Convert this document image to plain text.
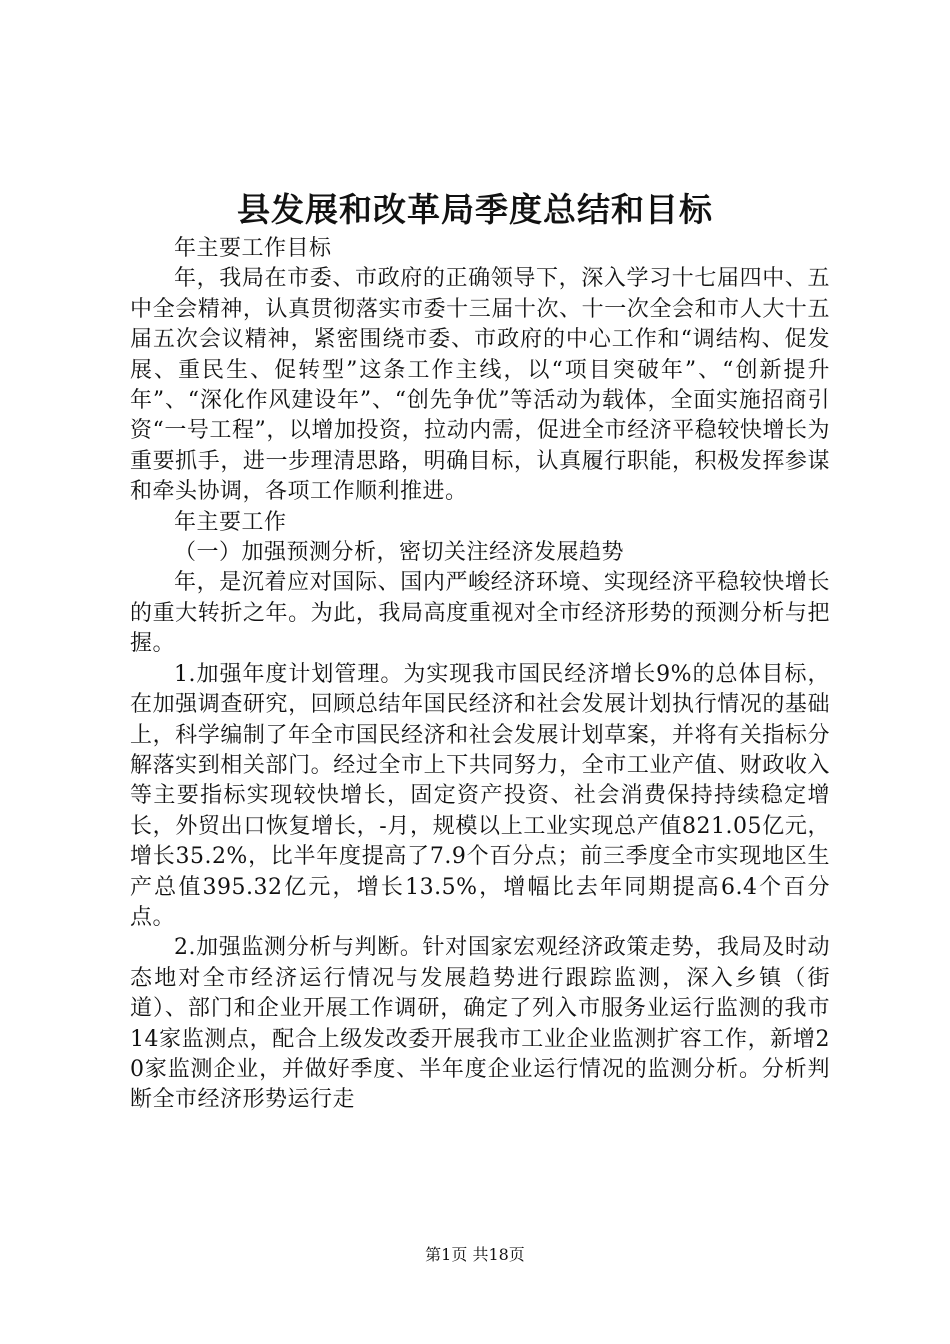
县发展和改革局季度总结和目标

年主要工作目标

年，我局在市委、市政府的正确领导下，深入学习十七届四中、五中全会精神，认真贯彻落实市委十三届十次、十一次全会和市人大十五届五次会议精神，紧密围绕市委、市政府的中心工作和“调结构、促发展、重民生、促转型”这条工作主线，以“项目突破年”、“创新提升年”、“深化作风建设年”、“创先争优”等活动为载体，全面实施招商引资“一号工程”，以增加投资，拉动内需，促进全市经济平稳较快增长为重要抓手，进一步理清思路，明确目标，认真履行职能，积极发挥参谋和牵头协调，各项工作顺利推进。

年主要工作

（一）加强预测分析，密切关注经济发展趋势

年，是沉着应对国际、国内严峻经济环境、实现经济平稳较快增长的重大转折之年。为此，我局高度重视对全市经济形势的预测分析与把握。

1.加强年度计划管理。为实现我市国民经济增长9%的总体目标，在加强调查研究，回顾总结年国民经济和社会发展计划执行情况的基础上，科学编制了年全市国民经济和社会发展计划草案，并将有关指标分解落实到相关部门。经过全市上下共同努力，全市工业产值、财政收入等主要指标实现较快增长，固定资产投资、社会消费保持持续稳定增长，外贸出口恢复增长，-月，规模以上工业实现总产值821.05亿元，增长35.2%，比半年度提高了7.9个百分点；前三季度全市实现地区生产总值395.32亿元，增长13.5%，增幅比去年同期提高6.4个百分点。

2.加强监测分析与判断。针对国家宏观经济政策走势，我局及时动态地对全市经济运行情况与发展趋势进行跟踪监测，深入乡镇（街道）、部门和企业开展工作调研，确定了列入市服务业运行监测的我市14家监测点，配合上级发改委开展我市工业企业监测扩容工作，新增20家监测企业，并做好季度、半年度企业运行情况的监测分析。分析判断全市经济形势运行走

第1页 共18页
